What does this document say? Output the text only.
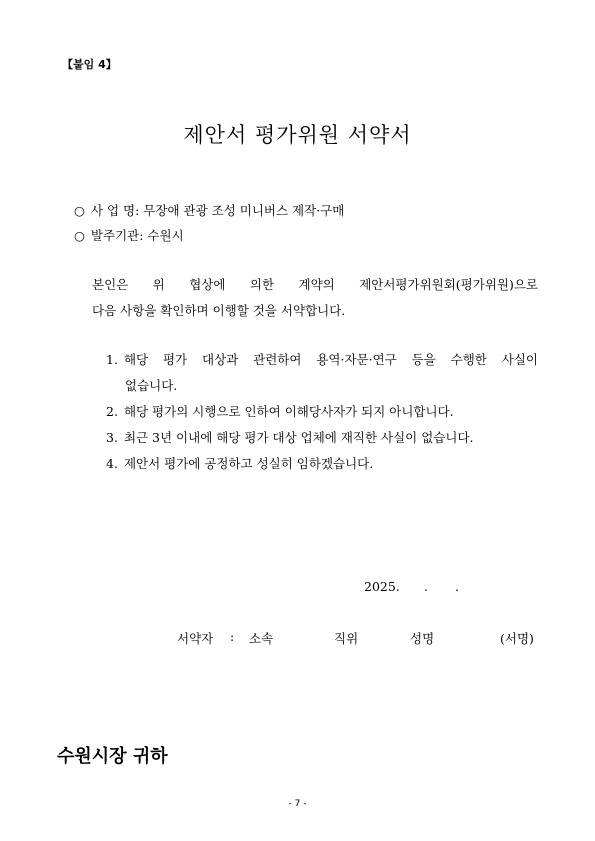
【붙임 4】
제안서 평가위원 서약서
○ 사 업 명: 무장애 관광 조성 미니버스 제작·구매
○ 발주기관: 수원시
본인은 위 협상에 의한 계약의 제안서평가위원회(평가위원)으로
다음 사항을 확인하며 이행할 것을 서약합니다.
1. 해당 평가 대상과 관련하여 용역·자문·연구 등을 수행한 사실이
없습니다.
2. 해당 평가의 시행으로 인하여 이해당사자가 되지 아니합니다.
3. 최근 3년 이내에 해당 평가 대상 업체에 재직한 사실이 없습니다.
4. 제안서 평가에 공정하고 성실히 임하겠습니다.
2025. . .
서약자 : 소속	직위	성명	(서명)
수원시장 귀하
- 7 -
